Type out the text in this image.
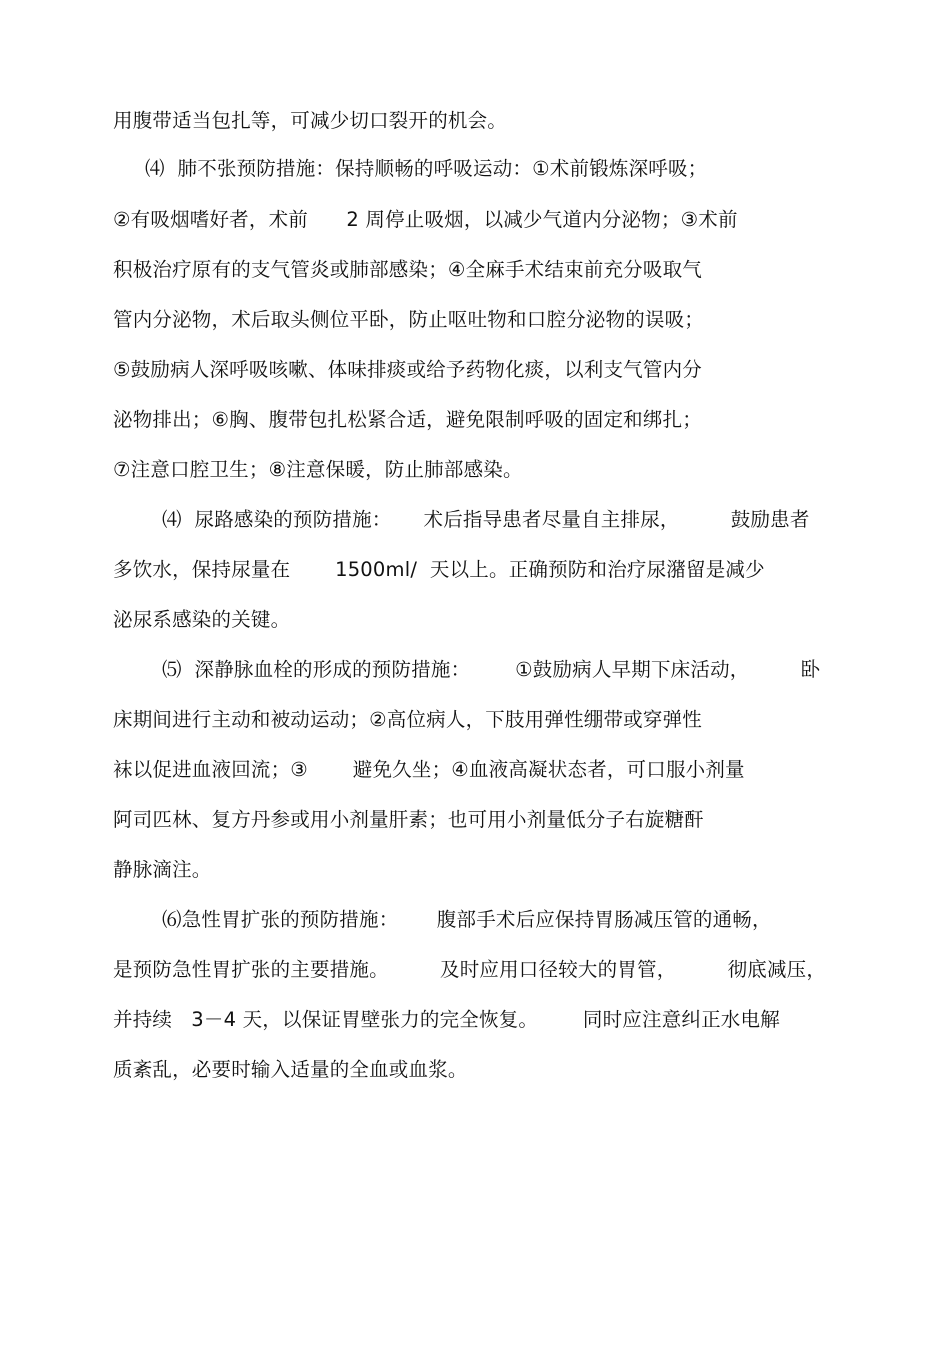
用腹带适当包扎等，可减少切口裂开的机会。
⑷  肺不张预防措施：保持顺畅的呼吸运动：①术前锻炼深呼吸；
②有吸烟嗜好者，术前      2 周停止吸烟，以减少气道内分泌物；③术前
积极治疗原有的支气管炎或肺部感染；④全麻手术结束前充分吸取气
管内分泌物，术后取头侧位平卧，防止呕吐物和口腔分泌物的误吸；
⑤鼓励病人深呼吸咳嗽、体味排痰或给予药物化痰，以利支气管内分
泌物排出；⑥胸、腹带包扎松紧合适，避免限制呼吸的固定和绑扎；
⑦注意口腔卫生；⑧注意保暖，防止肺部感染。
⑷  尿路感染的预防措施：     术后指导患者尽量自主排尿，        鼓励患者
多饮水，保持尿量在       1500ml/  天以上。正确预防和治疗尿潴留是减少
泌尿系感染的关键。
⑸  深静脉血栓的形成的预防措施：       ①鼓励病人早期下床活动，        卧
床期间进行主动和被动运动；②高位病人，下肢用弹性绷带或穿弹性
袜以促进血液回流；③       避免久坐；④血液高凝状态者，可口服小剂量
阿司匹林、复方丹参或用小剂量肝素；也可用小剂量低分子右旋糖酐
静脉滴注。
⑹急性胃扩张的预防措施：      腹部手术后应保持胃肠减压管的通畅，
是预防急性胃扩张的主要措施。        及时应用口径较大的胃管，        彻底减压，
并持续   3－4 天，以保证胃壁张力的完全恢复。       同时应注意纠正水电解
质紊乱，必要时输入适量的全血或血浆。
